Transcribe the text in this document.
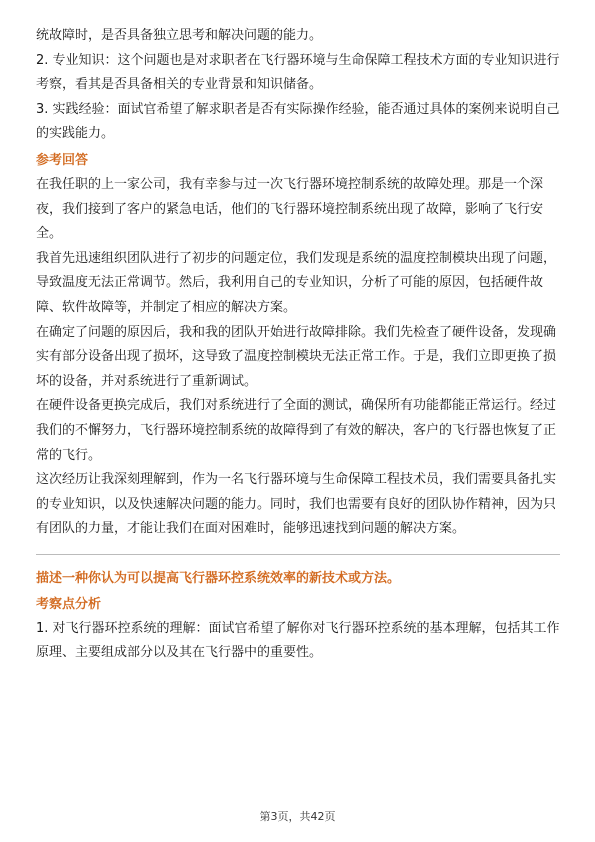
统故障时，是否具备独立思考和解决问题的能力。

2. 专业知识：这个问题也是对求职者在飞行器环境与生命保障工程技术方面的专业知识进行考察，看其是否具备相关的专业背景和知识储备。

3. 实践经验：面试官希望了解求职者是否有实际操作经验，能否通过具体的案例来说明自己的实践能力。

参考回答

在我任职的上一家公司，我有幸参与过一次飞行器环境控制系统的故障处理。那是一个深夜，我们接到了客户的紧急电话，他们的飞行器环境控制系统出现了故障，影响了飞行安全。

我首先迅速组织团队进行了初步的问题定位，我们发现是系统的温度控制模块出现了问题，导致温度无法正常调节。然后，我利用自己的专业知识，分析了可能的原因，包括硬件故障、软件故障等，并制定了相应的解决方案。

在确定了问题的原因后，我和我的团队开始进行故障排除。我们先检查了硬件设备，发现确实有部分设备出现了损坏，这导致了温度控制模块无法正常工作。于是，我们立即更换了损坏的设备，并对系统进行了重新调试。

在硬件设备更换完成后，我们对系统进行了全面的测试，确保所有功能都能正常运行。经过我们的不懈努力，飞行器环境控制系统的故障得到了有效的解决，客户的飞行器也恢复了正常的飞行。

这次经历让我深刻理解到，作为一名飞行器环境与生命保障工程技术员，我们需要具备扎实的专业知识，以及快速解决问题的能力。同时，我们也需要有良好的团队协作精神，因为只有团队的力量，才能让我们在面对困难时，能够迅速找到问题的解决方案。

描述一种你认为可以提高飞行器环控系统效率的新技术或方法。

考察点分析

1. 对飞行器环控系统的理解：面试官希望了解你对飞行器环控系统的基本理解，包括其工作原理、主要组成部分以及其在飞行器中的重要性。

第3页，共42页
